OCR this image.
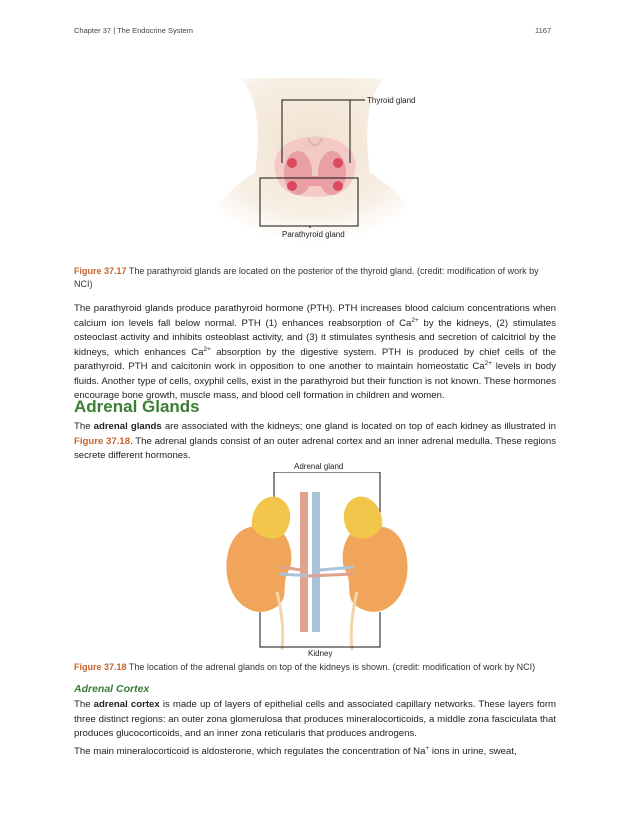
Chapter 37 | The Endocrine System	1167
Thyroid gland
Parathyroid gland
Figure 37.17 The parathyroid glands are located on the posterior of the thyroid gland. (credit: modification of work by NCI)
The parathyroid glands produce parathyroid hormone (PTH). PTH increases blood calcium concentrations when calcium ion levels fall below normal. PTH (1) enhances reabsorption of $Ca^{2+}$ by the kidneys, (2) stimulates osteoclast activity and inhibits osteoblast activity, and (3) it stimulates synthesis and secretion of calcitriol by the kidneys, which enhances $Ca^{2+}$ absorption by the digestive system. PTH is produced by chief cells of the parathyroid. PTH and calcitonin work in opposition to one another to maintain homeostatic $Ca^{2+}$ levels in body fluids. Another type of cells, oxyphil cells, exist in the parathyroid but their function is not known. These hormones encourage bone growth, muscle mass, and blood cell formation in children and women.
Adrenal Glands
The adrenal glands are associated with the kidneys; one gland is located on top of each kidney as illustrated in Figure 37.18. The adrenal glands consist of an outer adrenal cortex and an inner adrenal medulla. These regions secrete different hormones.
Adrenal gland
Kidney
Figure 37.18 The location of the adrenal glands on top of the kidneys is shown. (credit: modification of work by NCI)
Adrenal Cortex
The adrenal cortex is made up of layers of epithelial cells and associated capillary networks. These layers form three distinct regions: an outer zona glomerulosa that produces mineralocorticoids, a middle zona fasciculata that produces glucocorticoids, and an inner zona reticularis that produces androgens.
The main mineralocorticoid is aldosterone, which regulates the concentration of Na+ ions in urine, sweat,
